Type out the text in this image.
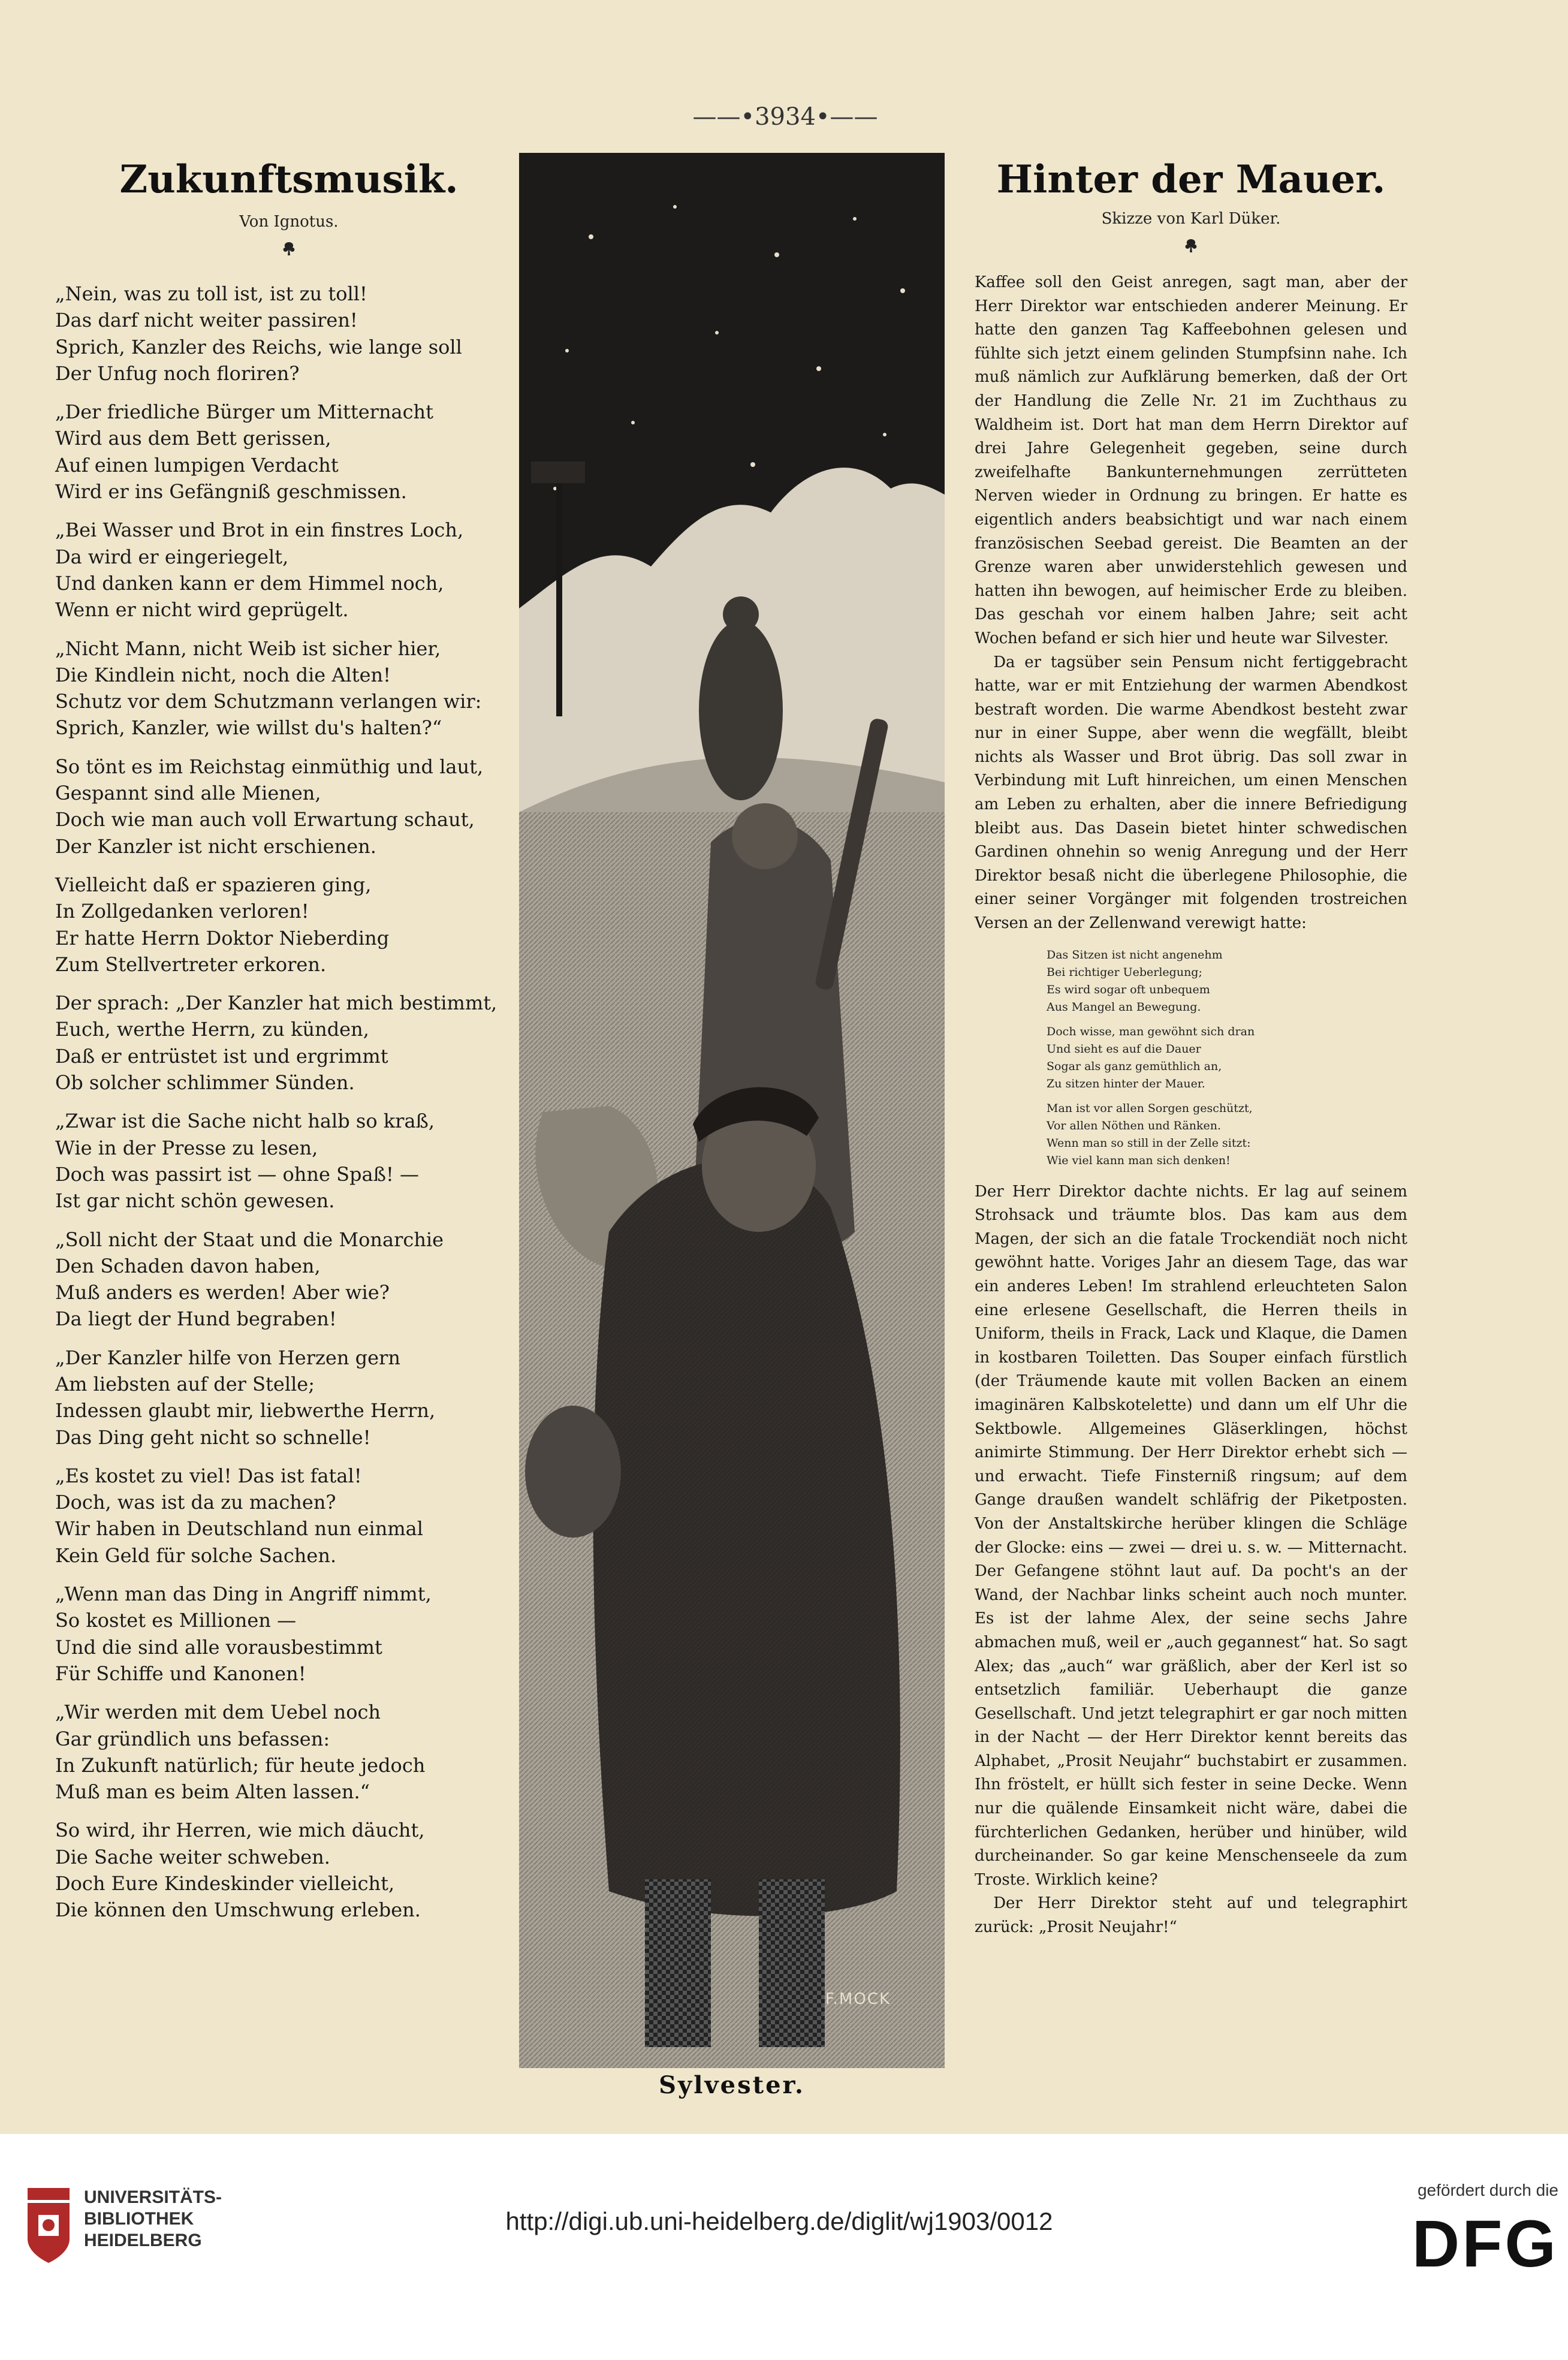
——•3934•——
Zukunftsmusik.
Von Ignotus.
„Nein, was zu toll ist, ist zu toll!
Das darf nicht weiter passiren!
Sprich, Kanzler des Reichs, wie lange soll
Der Unfug noch floriren?
„Der friedliche Bürger um Mitternacht
Wird aus dem Bett gerissen,
Auf einen lumpigen Verdacht
Wird er ins Gefängniß geschmissen.
„Bei Wasser und Brot in ein finstres Loch,
Da wird er eingeriegelt,
Und danken kann er dem Himmel noch,
Wenn er nicht wird geprügelt.
„Nicht Mann, nicht Weib ist sicher hier,
Die Kindlein nicht, noch die Alten!
Schutz vor dem Schutzmann verlangen wir:
Sprich, Kanzler, wie willst du's halten?“
So tönt es im Reichstag einmüthig und laut,
Gespannt sind alle Mienen,
Doch wie man auch voll Erwartung schaut,
Der Kanzler ist nicht erschienen.
Vielleicht daß er spazieren ging,
In Zollgedanken verloren!
Er hatte Herrn Doktor Nieberding
Zum Stellvertreter erkoren.
Der sprach: „Der Kanzler hat mich bestimmt,
Euch, werthe Herrn, zu künden,
Daß er entrüstet ist und ergrimmt
Ob solcher schlimmer Sünden.
„Zwar ist die Sache nicht halb so kraß,
Wie in der Presse zu lesen,
Doch was passirt ist — ohne Spaß! —
Ist gar nicht schön gewesen.
„Soll nicht der Staat und die Monarchie
Den Schaden davon haben,
Muß anders es werden! Aber wie?
Da liegt der Hund begraben!
„Der Kanzler hilfe von Herzen gern
Am liebsten auf der Stelle;
Indessen glaubt mir, liebwerthe Herrn,
Das Ding geht nicht so schnelle!
„Es kostet zu viel! Das ist fatal!
Doch, was ist da zu machen?
Wir haben in Deutschland nun einmal
Kein Geld für solche Sachen.
„Wenn man das Ding in Angriff nimmt,
So kostet es Millionen —
Und die sind alle vorausbestimmt
Für Schiffe und Kanonen!
„Wir werden mit dem Uebel noch
Gar gründlich uns befassen:
In Zukunft natürlich; für heute jedoch
Muß man es beim Alten lassen.“
So wird, ihr Herren, wie mich däucht,
Die Sache weiter schweben.
Doch Eure Kindeskinder vielleicht,
Die können den Umschwung erleben.
F.MOCK
Sylvester.
Hinter der Mauer.
Skizze von Karl Düker.

Kaffee soll den Geist anregen, sagt man, aber der Herr Direktor war entschieden anderer Meinung. Er hatte den ganzen Tag Kaffeebohnen gelesen und fühlte sich jetzt einem gelinden Stumpfsinn nahe. Ich muß nämlich zur Aufklärung bemerken, daß der Ort der Handlung die Zelle Nr. 21 im Zuchthaus zu Waldheim ist. Dort hat man dem Herrn Direktor auf drei Jahre Gelegenheit gegeben, seine durch zweifelhafte Bankunternehmungen zerrütteten Nerven wieder in Ordnung zu bringen. Er hatte es eigentlich anders beabsichtigt und war nach einem französischen Seebad gereist. Die Beamten an der Grenze waren aber unwiderstehlich gewesen und hatten ihn bewogen, auf heimischer Erde zu bleiben. Das geschah vor einem halben Jahre; seit acht Wochen befand er sich hier und heute war Silvester.

Da er tagsüber sein Pensum nicht fertiggebracht hatte, war er mit Entziehung der warmen Abendkost bestraft worden. Die warme Abendkost besteht zwar nur in einer Suppe, aber wenn die wegfällt, bleibt nichts als Wasser und Brot übrig. Das soll zwar in Verbindung mit Luft hinreichen, um einen Menschen am Leben zu erhalten, aber die innere Befriedigung bleibt aus. Das Dasein bietet hinter schwedischen Gardinen ohnehin so wenig Anregung und der Herr Direktor besaß nicht die überlegene Philosophie, die einer seiner Vorgänger mit folgenden trostreichen Versen an der Zellenwand verewigt hatte:

Das Sitzen ist nicht angenehm
Bei richtiger Ueberlegung;
Es wird sogar oft unbequem
Aus Mangel an Bewegung.
Doch wisse, man gewöhnt sich dran
Und sieht es auf die Dauer
Sogar als ganz gemüthlich an,
Zu sitzen hinter der Mauer.
Man ist vor allen Sorgen geschützt,
Vor allen Nöthen und Ränken.
Wenn man so still in der Zelle sitzt:
Wie viel kann man sich denken!

Der Herr Direktor dachte nichts. Er lag auf seinem Strohsack und träumte blos. Das kam aus dem Magen, der sich an die fatale Trockendiät noch nicht gewöhnt hatte. Voriges Jahr an diesem Tage, das war ein anderes Leben! Im strahlend erleuchteten Salon eine erlesene Gesellschaft, die Herren theils in Uniform, theils in Frack, Lack und Klaque, die Damen in kostbaren Toiletten. Das Souper einfach fürstlich (der Träumende kaute mit vollen Backen an einem imaginären Kalbskotelette) und dann um elf Uhr die Sektbowle. Allgemeines Gläserklingen, höchst animirte Stimmung. Der Herr Direktor erhebt sich — und erwacht. Tiefe Finsterniß ringsum; auf dem Gange draußen wandelt schläfrig der Piketposten. Von der Anstaltskirche herüber klingen die Schläge der Glocke: eins — zwei — drei u. s. w. — Mitternacht. Der Gefangene stöhnt laut auf. Da pocht's an der Wand, der Nachbar links scheint auch noch munter. Es ist der lahme Alex, der seine sechs Jahre abmachen muß, weil er „auch gegannest“ hat. So sagt Alex; das „auch“ war gräßlich, aber der Kerl ist so entsetzlich familiär. Ueberhaupt die ganze Gesellschaft. Und jetzt telegraphirt er gar noch mitten in der Nacht — der Herr Direktor kennt bereits das Alphabet, „Prosit Neujahr“ buchstabirt er zusammen. Ihn fröstelt, er hüllt sich fester in seine Decke. Wenn nur die quälende Einsamkeit nicht wäre, dabei die fürchterlichen Gedanken, herüber und hinüber, wild durcheinander. So gar keine Menschenseele da zum Troste. Wirklich keine?

Der Herr Direktor steht auf und telegraphirt zurück: „Prosit Neujahr!“

UNIVERSITÄTS-
BIBLIOTHEK
HEIDELBERG
http://digi.ub.uni-heidelberg.de/diglit/wj1903/0012
gefördert durch die
DFG
